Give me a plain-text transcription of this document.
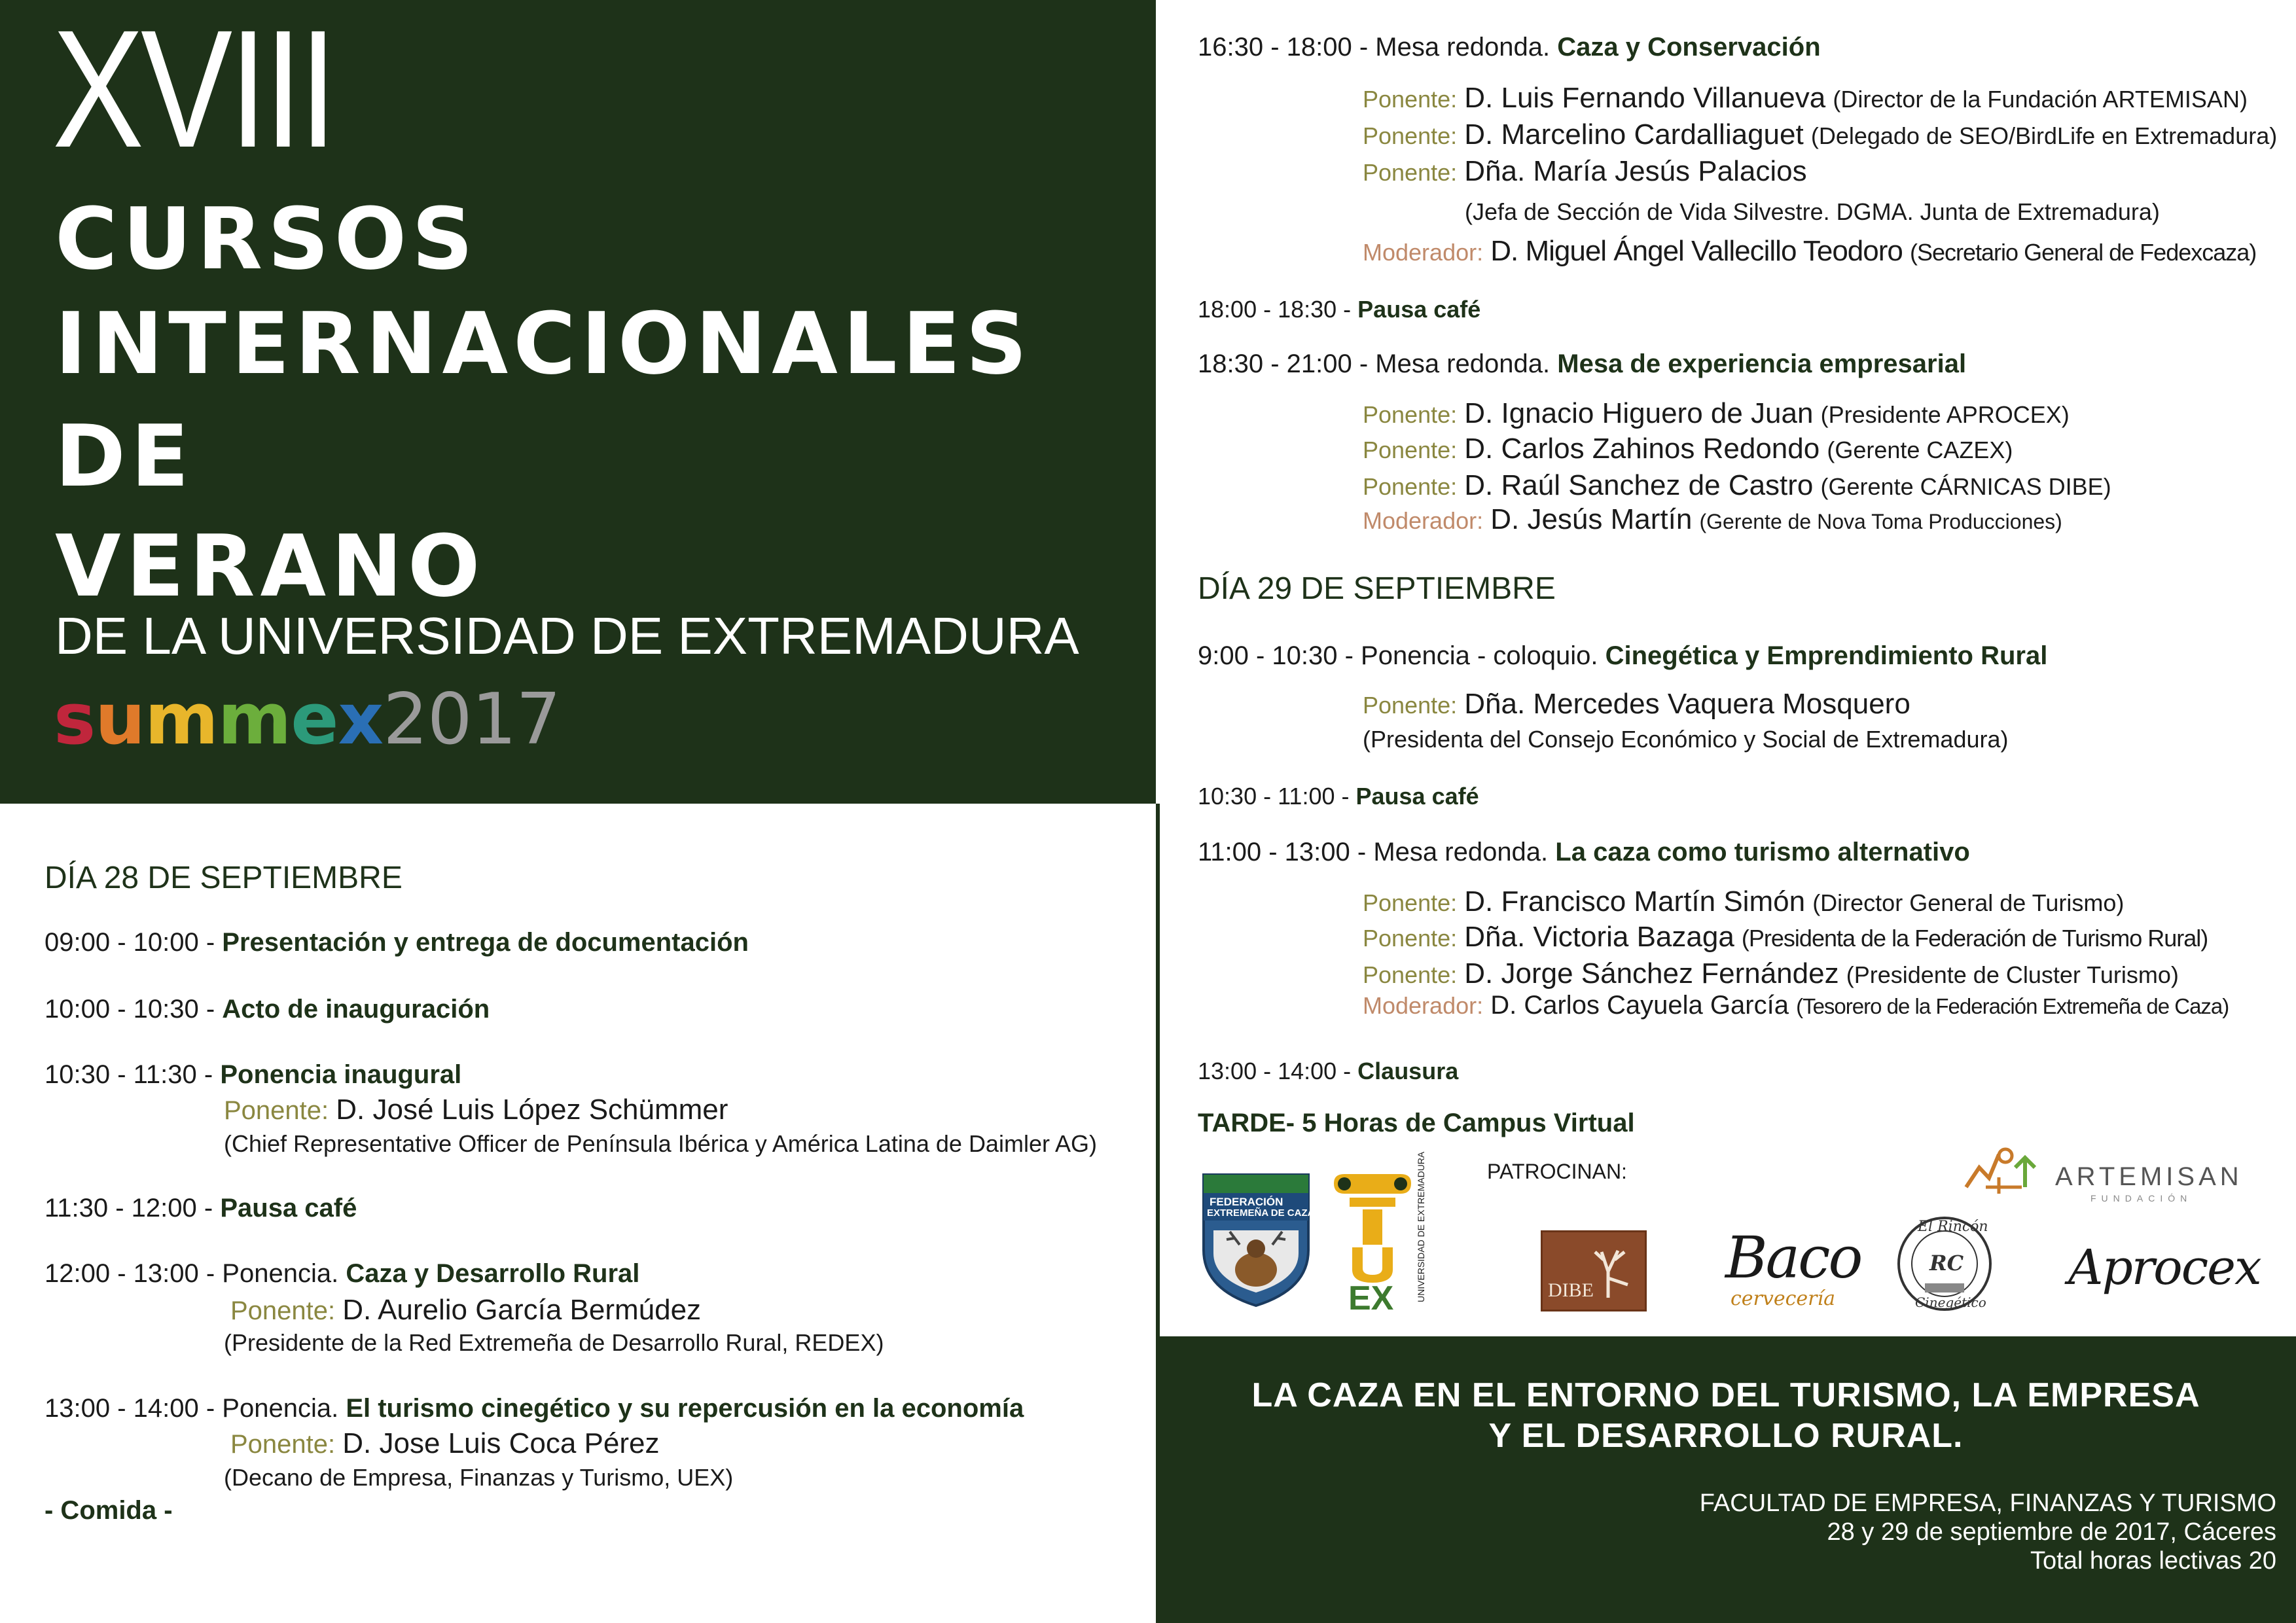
XVIII
CURSOS
INTERNACIONALES
DE
VERANO
DE LA UNIVERSIDAD DE EXTREMADURA
summex2017
DÍA 28 DE SEPTIEMBRE
09:00 - 10:00 - Presentación y entrega de documentación
10:00 - 10:30 - Acto de inauguración
10:30 - 11:30 - Ponencia inaugural
Ponente: D. José Luis López Schümmer
(Chief Representative Officer de Península Ibérica y América Latina de Daimler AG)
11:30 - 12:00 - Pausa café
12:00 - 13:00 - Ponencia. Caza y Desarrollo Rural
Ponente: D. Aurelio García Bermúdez
(Presidente de la Red Extremeña de Desarrollo Rural, REDEX)
13:00 - 14:00 - Ponencia. El turismo cinegético y su repercusión en la economía
Ponente: D. Jose Luis Coca Pérez
(Decano de Empresa, Finanzas y Turismo, UEX)
- Comida -
16:30 - 18:00 - Mesa redonda. Caza y Conservación
Ponente: D. Luis Fernando Villanueva (Director de la Fundación ARTEMISAN)
Ponente: D. Marcelino Cardalliaguet (Delegado de SEO/BirdLife en Extremadura)
Ponente: Dña. María Jesús Palacios
(Jefa de Sección de Vida Silvestre. DGMA. Junta de Extremadura)
Moderador: D. Miguel Ángel Vallecillo Teodoro (Secretario General de Fedexcaza)
18:00 - 18:30 - Pausa café
18:30 - 21:00 - Mesa redonda. Mesa de experiencia empresarial
Ponente: D. Ignacio Higuero de Juan (Presidente APROCEX)
Ponente: D. Carlos Zahinos Redondo (Gerente CAZEX)
Ponente: D. Raúl Sanchez de Castro (Gerente CÁRNICAS DIBE)
Moderador: D. Jesús Martín (Gerente de Nova Toma Producciones)
DÍA 29 DE SEPTIEMBRE
9:00 - 10:30 - Ponencia - coloquio. Cinegética y Emprendimiento Rural
Ponente: Dña. Mercedes Vaquera Mosquero
(Presidenta del Consejo Económico y Social de Extremadura)
10:30 - 11:00 - Pausa café
11:00 - 13:00 - Mesa redonda. La caza como turismo alternativo
Ponente: D. Francisco Martín Simón (Director General de Turismo)
Ponente: Dña. Victoria Bazaga (Presidenta de la Federación de Turismo Rural)
Ponente: D. Jorge Sánchez Fernández (Presidente de Cluster Turismo)
Moderador: D. Carlos Cayuela García (Tesorero de la Federación Extremeña de Caza)
13:00 - 14:00 - Clausura
TARDE- 5 Horas de Campus Virtual
FEDERACIÓN
EXTREMEÑA DE CAZA
EX UNIVERSIDAD DE EXTREMADURA	PATROCINAN:	ARTEMISAN
FUNDACIÓN
DIBE Baco
cervecería
El Rincón
RC
Cinegético
Aprocex
LA CAZA EN EL ENTORNO DEL TURISMO, LA EMPRESA
Y EL DESARROLLO RURAL.
FACULTAD DE EMPRESA, FINANZAS Y TURISMO
28 y 29 de septiembre de 2017, Cáceres
Total horas lectivas 20
